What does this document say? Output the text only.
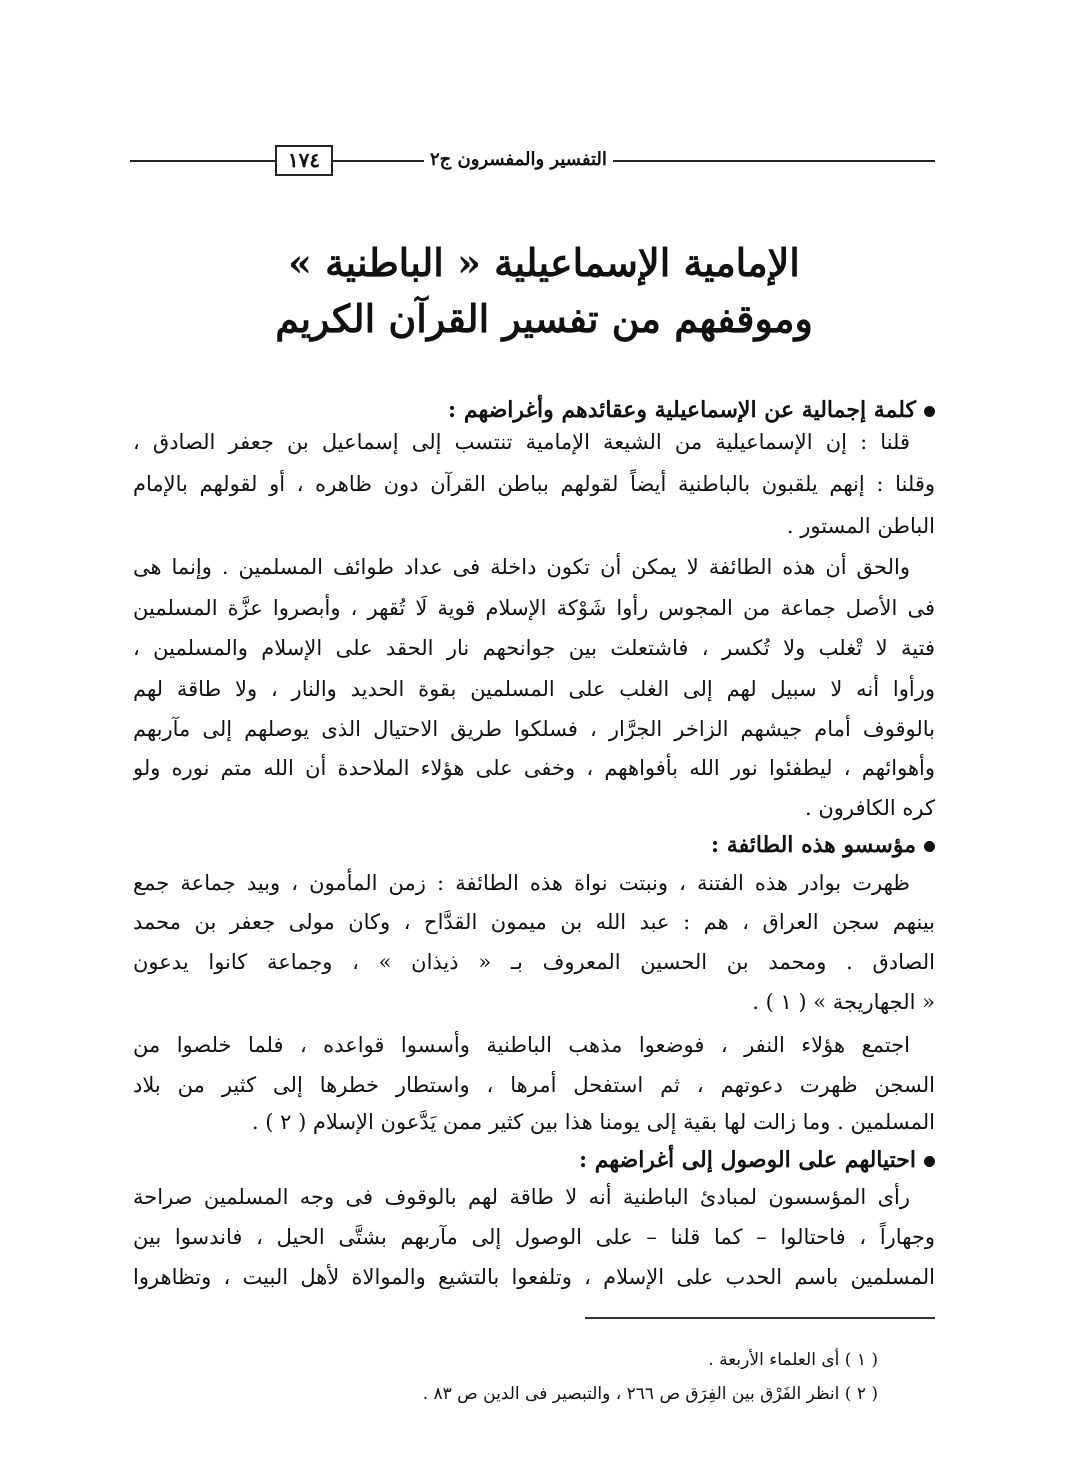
١٧٤	التفسير والمفسرون ج٢
الإمامية الإسماعيلية « الباطنية »
وموقفهم من تفسير القرآن الكريم
كلمة إجمالية عن الإسماعيلية وعقائدهم وأغراضهم :
قلنا : إن الإسماعيلية من الشيعة الإمامية تنتسب إلى إسماعيل بن جعفر الصادق ،
وقلنا : إنهم يلقبون بالباطنية أيضاً لقولهم بباطن القرآن دون ظاهره ، أو لقولهم بالإمام
الباطن المستور .
والحق أن هذه الطائفة لا يمكن أن تكون داخلة فى عداد طوائف المسلمين . وإنما هى
فى الأصل جماعة من المجوس رأوا شَوْكة الإسلام قوية لَا تُقهر ، وأبصروا عزَّة المسلمين
فتية لا تْغلب ولا تُكسر ، فاشتعلت بين جوانحهم نار الحقد على الإسلام والمسلمين ،
ورأوا أنه لا سبيل لهم إلى الغلب على المسلمين بقوة الحديد والنار ، ولا طاقة لهم
بالوقوف أمام جيشهم الزاخر الجرَّار ، فسلكوا طريق الاحتيال الذى يوصلهم إلى مآربهم
وأهوائهم ، ليطفئوا نور الله بأفواههم ، وخفى على هؤلاء الملاحدة أن الله متم نوره ولو
كره الكافرون .
مؤسسو هذه الطائفة :
ظهرت بوادر هذه الفتنة ، ونبتت نواة هذه الطائفة : زمن المأمون ، وبيد جماعة جمع
بينهم سجن العراق ، هم : عبد الله بن ميمون القدَّاح ، وكان مولى جعفر بن محمد
الصادق . ومحمد بن الحسين المعروف بـ « ذيذان » ، وجماعة كانوا يدعون
« الجهاريجة » ( ١ ) .
اجتمع هؤلاء النفر ، فوضعوا مذهب الباطنية وأسسوا قواعده ، فلما خلصوا من
السجن ظهرت دعوتهم ، ثم استفحل أمرها ، واستطار خطرها إلى كثير من بلاد
المسلمين . وما زالت لها بقية إلى يومنا هذا بين كثير ممن يَدَّعون الإسلام ( ٢ ) .
احتيالهم على الوصول إلى أغراضهم :
رأى المؤسسون لمبادئ الباطنية أنه لا طاقة لهم بالوقوف فى وجه المسلمين صراحة
وجهاراً ، فاحتالوا – كما قلنا – على الوصول إلى مآربهم بشتَّى الحيل ، فاندسوا بين
المسلمين باسم الحدب على الإسلام ، وتلفعوا بالتشيع والموالاة لأهل البيت ، وتظاهروا
( ١ ) أى العلماء الأربعة .
( ٢ ) انظر الفَرْق بين الفِرَق ص ٢٦٦ ، والتبصير فى الدين ص ٨٣ .
